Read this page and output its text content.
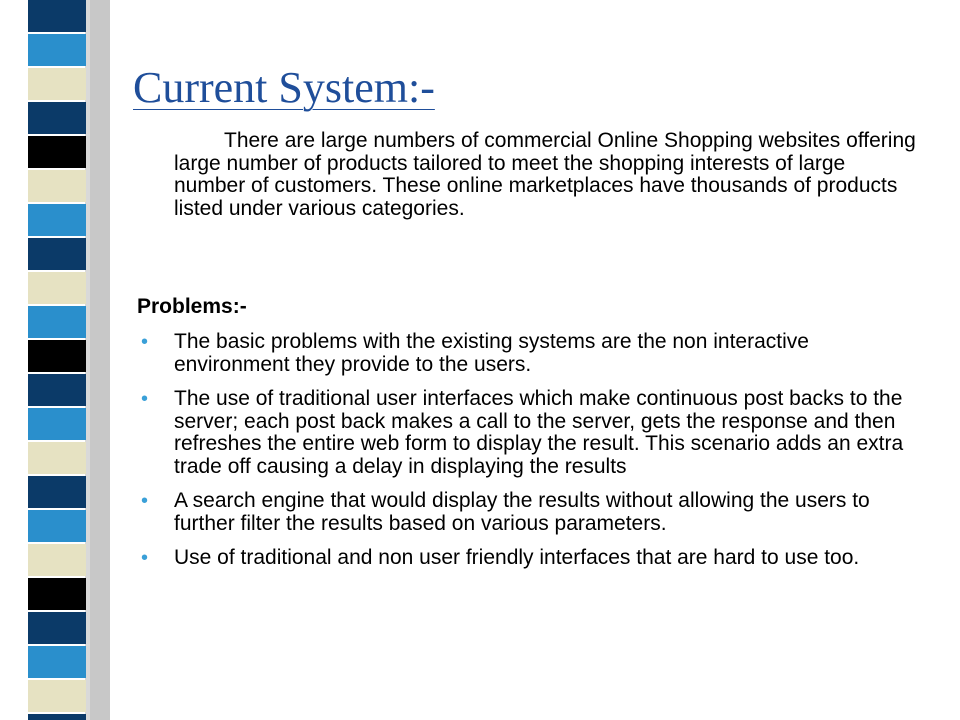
Current System:-

There are large numbers of commercial Online Shopping websites offering large number of products tailored to meet the shopping interests of large number of customers. These online marketplaces have thousands of products listed under various categories.

Problems:-

• The basic problems with the existing systems are the non interactive environment they provide to the users.
• The use of traditional user interfaces which make continuous post backs to the server; each post back makes a call to the server, gets the response and then refreshes the entire web form to display the result. This scenario adds an extra trade off causing a delay in displaying the results
• A search engine that would display the results without allowing the users to further filter the results based on various parameters.
• Use of traditional and non user friendly interfaces that are hard to use too.
